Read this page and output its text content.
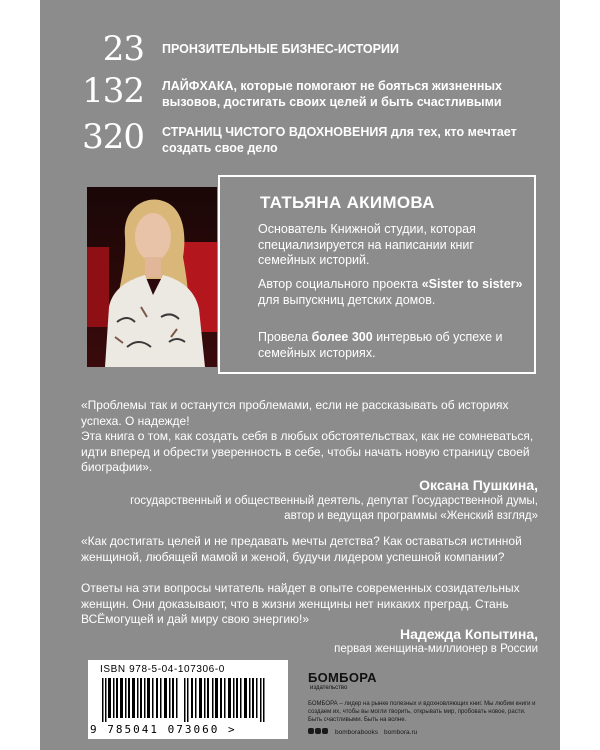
23 ПРОНЗИТЕЛЬНЫЕ БИЗНЕС-ИСТОРИИ
132 ЛАЙФХАКА, которые помогают не бояться жизненных вызовов, достигать своих целей и быть счастливыми
320 СТРАНИЦ ЧИСТОГО ВДОХНОВЕНИЯ для тех, кто мечтает создать свое дело
ТАТЬЯНА АКИМОВА
Основатель Книжной студии, которая специализируется на написании книг семейных историй.
Автор социального проекта «Sister to sister» для выпускниц детских домов.
Провела более 300 интервью об успехе и семейных историях.
«Проблемы так и останутся проблемами, если не рассказывать об историях успеха. О надежде!
Эта книга о том, как создать себя в любых обстоятельствах, как не сомневаться, идти вперед и обрести уверенность в себе, чтобы начать новую страницу своей биографии».
Оксана Пушкина,
государственный и общественный деятель, депутат Государственной думы, автор и ведущая программы «Женский взгляд»
«Как достигать целей и не предавать мечты детства? Как оставаться истинной женщиной, любящей мамой и женой, будучи лидером успешной компании?
Ответы на эти вопросы читатель найдет в опыте современных созидательных женщин. Они доказывают, что в жизни женщины нет никаких преград. Стань ВСЁмогущей и дай миру свою энергию!»
Надежда Копытина,
первая женщина-миллионер в России
ISBN 978-5-04-107306-0
9 785041 073060 >
БОМБОРА
издательство
БОМБОРА – лидер на рынке полезных и вдохновляющих книг. Мы любим книги и создаем их, чтобы вы могли творить, открывать мир, пробовать новое, расти. Быть счастливыми. Быть на волне.
bomborabooks bombora.ru
